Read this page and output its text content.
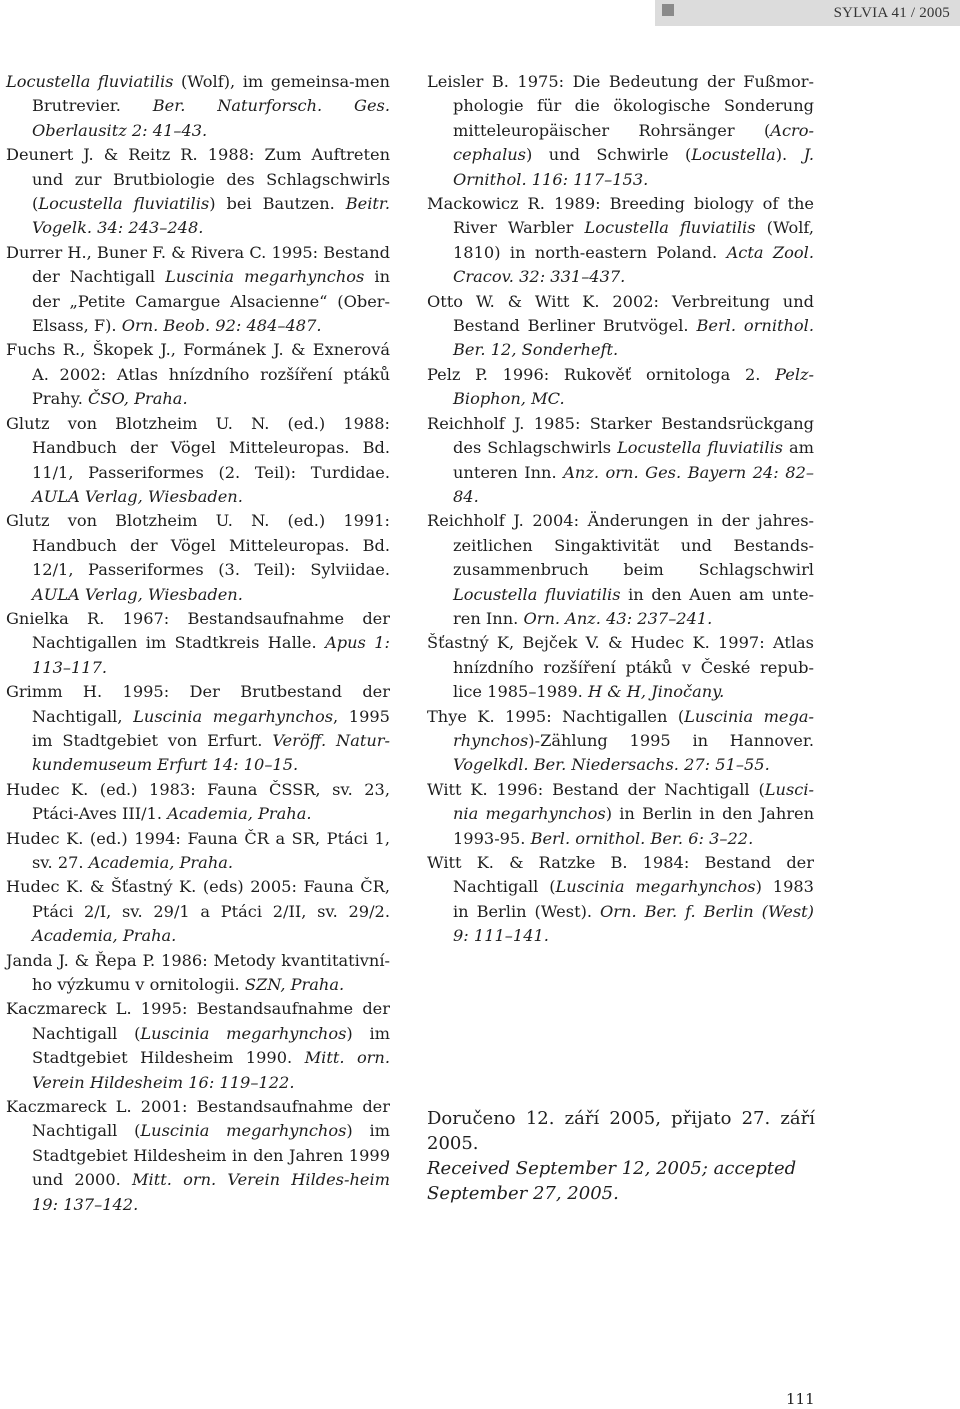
SYLVIA 41 / 2005
Locustella fluviatilis (Wolf), im gemeinsa-men Brutrevier. Ber. Naturforsch. Ges. Oberlausitz 2: 41–43.
Deunert J. & Reitz R. 1988: Zum Auftreten und zur Brutbiologie des Schlagschwirls (Locustella fluviatilis) bei Bautzen. Beitr. Vogelk. 34: 243–248.
Durrer H., Buner F. & Rivera C. 1995: Bestand der Nachtigall Luscinia megarhynchos in der „Petite Camargue Alsacienne“ (Ober-Elsass, F). Orn. Beob. 92: 484–487.
Fuchs R., Škopek J., Formánek J. & Exnerová A. 2002: Atlas hnízdního rozšíření ptáků Prahy. ČSO, Praha.
Glutz von Blotzheim U. N. (ed.) 1988: Handbuch der Vögel Mitteleuropas. Bd. 11/1, Passeriformes (2. Teil): Turdidae. AULA Verlag, Wiesbaden.
Glutz von Blotzheim U. N. (ed.) 1991: Handbuch der Vögel Mitteleuropas. Bd. 12/1, Passeriformes (3. Teil): Sylviidae. AULA Verlag, Wiesbaden.
Gnielka R. 1967: Bestandsaufnahme der Nachtigallen im Stadtkreis Halle. Apus 1: 113–117.
Grimm H. 1995: Der Brutbestand der Nachtigall, Luscinia megarhynchos, 1995 im Stadtgebiet von Erfurt. Veröff. Natur-kundemuseum Erfurt 14: 10–15.
Hudec K. (ed.) 1983: Fauna ČSSR, sv. 23, Ptáci-Aves III/1. Academia, Praha.
Hudec K. (ed.) 1994: Fauna ČR a SR, Ptáci 1, sv. 27. Academia, Praha.
Hudec K. & Šťastný K. (eds) 2005: Fauna ČR, Ptáci 2/I, sv. 29/1 a Ptáci 2/II, sv. 29/2. Academia, Praha.
Janda J. & Řepa P. 1986: Metody kvantitativní-ho výzkumu v ornitologii. SZN, Praha.
Kaczmareck L. 1995: Bestandsaufnahme der Nachtigall (Luscinia megarhynchos) im Stadtgebiet Hildesheim 1990. Mitt. orn. Verein Hildesheim 16: 119–122.
Kaczmareck L. 2001: Bestandsaufnahme der Nachtigall (Luscinia megarhynchos) im Stadtgebiet Hildesheim in den Jahren 1999 und 2000. Mitt. orn. Verein Hildes-heim 19: 137–142.
Leisler B. 1975: Die Bedeutung der Fußmor-phologie für die ökologische Sonderung mitteleuropäischer Rohrsänger (Acro-cephalus) und Schwirle (Locustella). J. Ornithol. 116: 117–153.
Mackowicz R. 1989: Breeding biology of the River Warbler Locustella fluviatilis (Wolf, 1810) in north-eastern Poland. Acta Zool. Cracov. 32: 331–437.
Otto W. & Witt K. 2002: Verbreitung und Bestand Berliner Brutvögel. Berl. ornithol. Ber. 12, Sonderheft.
Pelz P. 1996: Rukověť ornitologa 2. Pelz-Biophon, MC.
Reichholf J. 1985: Starker Bestandsrückgang des Schlagschwirls Locustella fluviatilis am unteren Inn. Anz. orn. Ges. Bayern 24: 82–84.
Reichholf J. 2004: Änderungen in der jahres-zeitlichen Singaktivität und Bestands-zusammenbruch beim Schlagschwirl Locustella fluviatilis in den Auen am unte-ren Inn. Orn. Anz. 43: 237–241.
Šťastný K, Bejček V. & Hudec K. 1997: Atlas hnízdního rozšíření ptáků v České repub-lice 1985–1989. H & H, Jinočany.
Thye K. 1995: Nachtigallen (Luscinia mega-rhynchos)-Zählung 1995 in Hannover. Vogelkdl. Ber. Niedersachs. 27: 51–55.
Witt K. 1996: Bestand der Nachtigall (Lusci-nia megarhynchos) in Berlin in den Jahren 1993-95. Berl. ornithol. Ber. 6: 3–22.
Witt K. & Ratzke B. 1984: Bestand der Nachtigall (Luscinia megarhynchos) 1983 in Berlin (West). Orn. Ber. f. Berlin (West) 9: 111–141.

Doručeno 12. září 2005, přijato 27. září 2005.

Received September 12, 2005; accepted September 27, 2005.

111
